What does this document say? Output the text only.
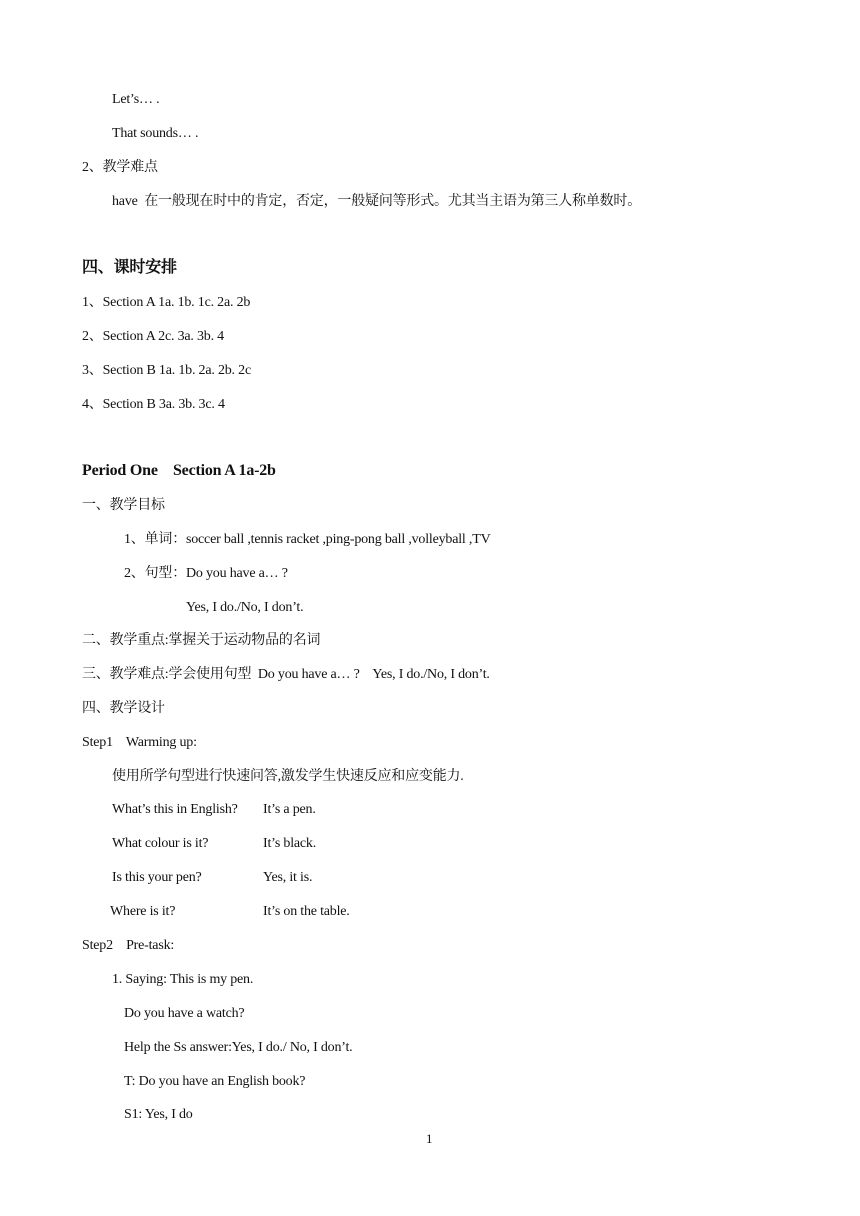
Let’s… .
That sounds… .
2、教学难点
have  在一般现在时中的肯定，否定，一般疑问等形式。尤其当主语为第三人称单数时。
四、课时安排
1、Section A 1a. 1b. 1c. 2a. 2b
2、Section A 2c. 3a. 3b. 4
3、Section B 1a. 1b. 2a. 2b. 2c
4、Section B 3a. 3b. 3c. 4
Period One    Section A 1a-2b
一、教学目标
1、单词：soccer ball ,tennis racket ,ping-pong ball ,volleyball ,TV
2、句型：Do you have a… ?
Yes, I do./No, I don’t.
二、教学重点:掌握关于运动物品的名词
三、教学难点:学会使用句型  Do you have a… ?    Yes, I do./No, I don’t.
四、教学设计
Step1    Warming up:
使用所学句型进行快速问答,激发学生快速反应和应变能力.
What’s this in English?	It’s a pen.
What colour is it?	It’s black.
Is this your pen?	Yes, it is.
Where is it?	It’s on the table.
Step2    Pre-task:
1. Saying: This is my pen.
Do you have a watch?
Help the Ss answer:Yes, I do./ No, I don’t.
T: Do you have an English book?
S1: Yes, I do
1
